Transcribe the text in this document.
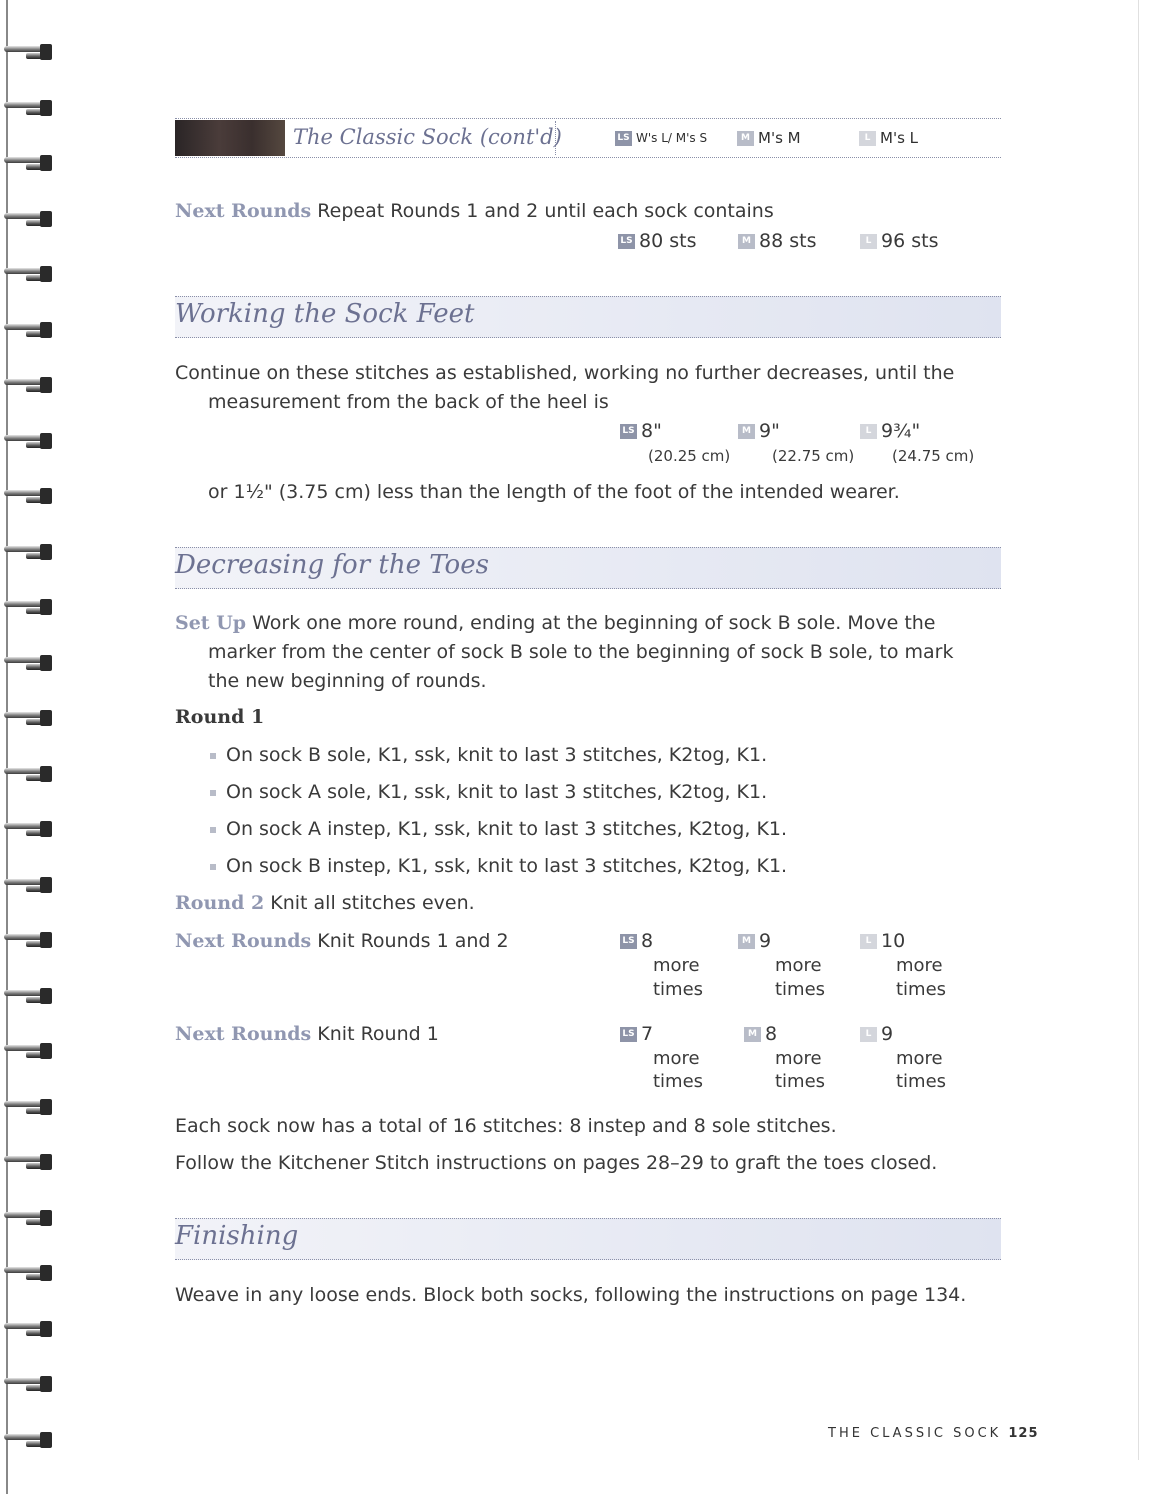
The Classic Sock (cont'd)	LS W's L/ M's S	M M's M	L M's L
Next Rounds Repeat Rounds 1 and 2 until each sock contains
LS 80 sts	M 88 sts	L 96 sts
Working the Sock Feet
Continue on these stitches as established, working no further decreases, until the
measurement from the back of the heel is
LS 8"	M 9"	L 9¾"
(20.25 cm)	(22.75 cm)	(24.75 cm)
or 1½" (3.75 cm) less than the length of the foot of the intended wearer.
Decreasing for the Toes
Set Up Work one more round, ending at the beginning of sock B sole. Move the
marker from the center of sock B sole to the beginning of sock B sole, to mark
the new beginning of rounds.
Round 1
On sock B sole, K1, ssk, knit to last 3 stitches, K2tog, K1.
On sock A sole, K1, ssk, knit to last 3 stitches, K2tog, K1.
On sock A instep, K1, ssk, knit to last 3 stitches, K2tog, K1.
On sock B instep, K1, ssk, knit to last 3 stitches, K2tog, K1.
Round 2 Knit all stitches even.
Next Rounds Knit Rounds 1 and 2	LS 8	M 9	L 10
more	more	more
times	times	times
Next Rounds Knit Round 1	LS 7	M 8	L 9
more	more	more
times	times	times
Each sock now has a total of 16 stitches: 8 instep and 8 sole stitches.
Follow the Kitchener Stitch instructions on pages 28–29 to graft the toes closed.
Finishing
Weave in any loose ends. Block both socks, following the instructions on page 134.
THE CLASSIC SOCK 125
